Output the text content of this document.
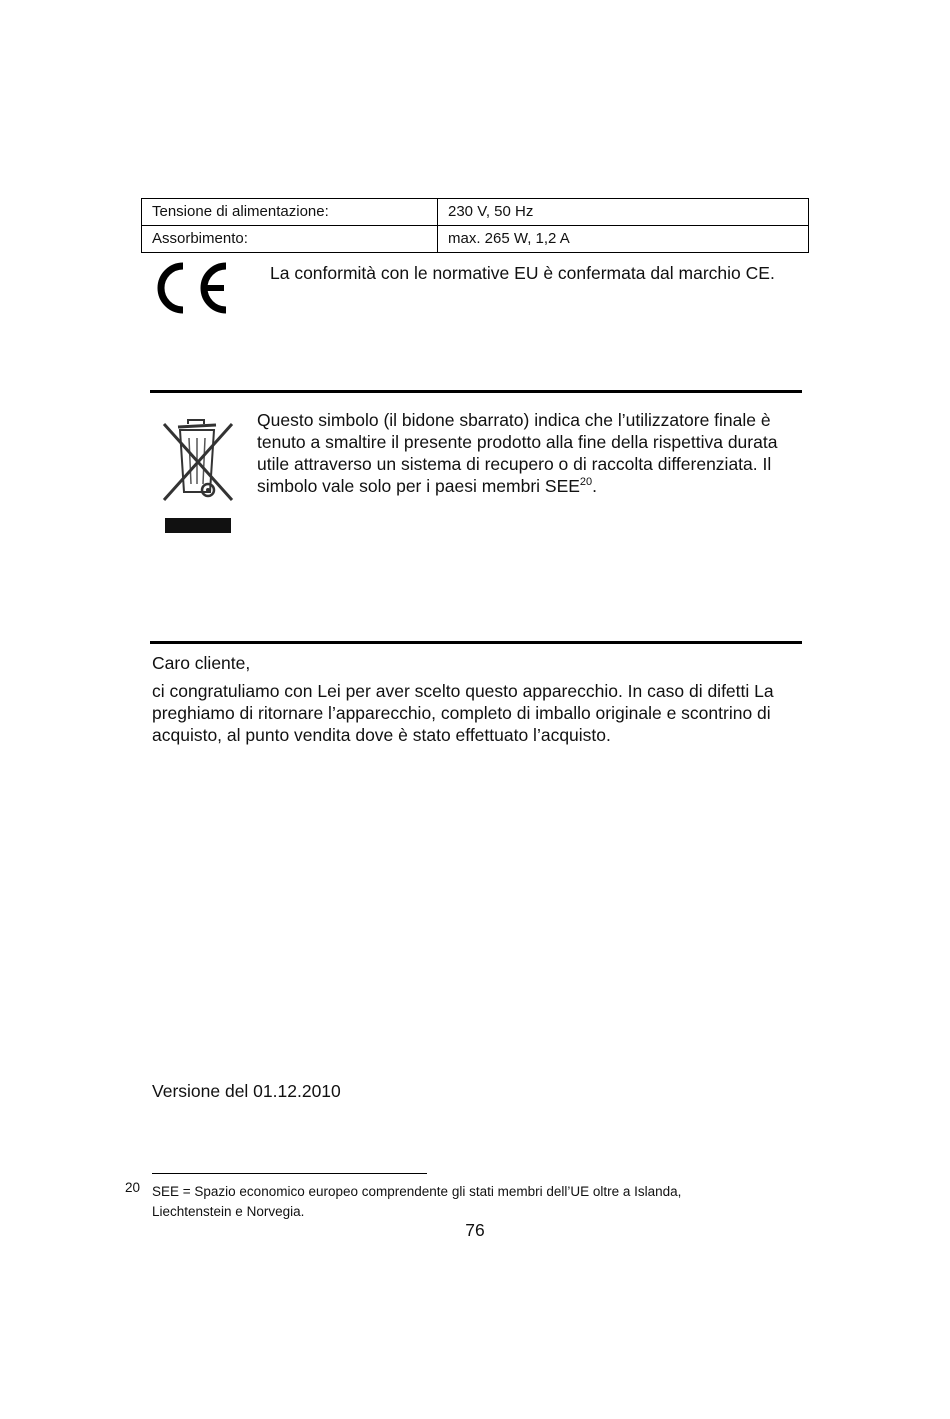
Tensione di alimentazione:	230 V, 50 Hz
Assorbimento:	max. 265 W, 1,2 A
La conformità con le normative EU è confermata dal marchio CE.
Questo simbolo (il bidone sbarrato) indica che l’utilizzatore finale è tenuto a smaltire il presente prodotto alla fine della rispettiva durata utile attraverso un sistema di recupero o di raccolta differenziata. Il simbolo vale solo per i paesi membri SEE$^{20}$.
Caro cliente,
ci congratuliamo con Lei per aver scelto questo apparecchio. In caso di difetti La preghiamo di ritornare l’apparecchio, completo di imballo originale e scontrino di acquisto, al punto vendita dove è stato effettuato l’acquisto.
Versione del 01.12.2010
20 SEE = Spazio economico europeo comprendente gli stati membri dell’UE oltre a Islanda, Liechtenstein e Norvegia.
76
